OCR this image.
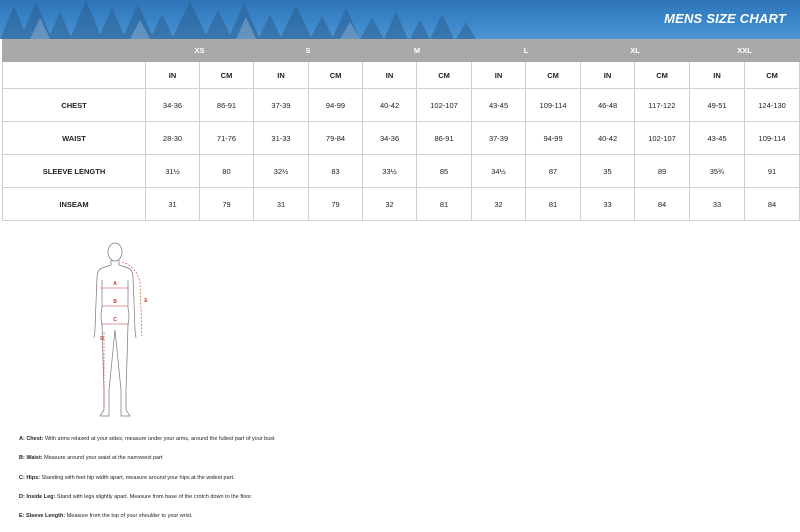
MENS SIZE CHART
	XS		S		M		L		XL		XXL	
	IN	CM	IN	CM	IN	CM	IN	CM	IN	CM	IN	CM
CHEST	34-36	86-91	37-39	94-99	40-42	102-107	43-45	109-114	46-48	117-122	49-51	124-130
WAIST	28-30	71-76	31-33	79-84	34-36	86-91	37-39	94-99	40-42	102-107	43-45	109-114
SLEEVE LENGTH	31½	80	32½	83	33½	85	34½	87	35	89	35¾	91
INSEAM	31	79	31	79	32	81	32	81	33	84	33	84
A
B
C
D
E
A: Chest: With arms relaxed at your sides, measure under your arms, around the fullest part of your bust
B: Waist: Measure around your waist at the narrowest part
C: Hips: Standing with feet hip width apart, measure around your hips at the widest part.
D: Inside Leg: Stand with legs slightly apart. Measure from base of the crotch down to the floor.
E: Sleeve Length: Measure from the top of your shoulder to your wrist.
